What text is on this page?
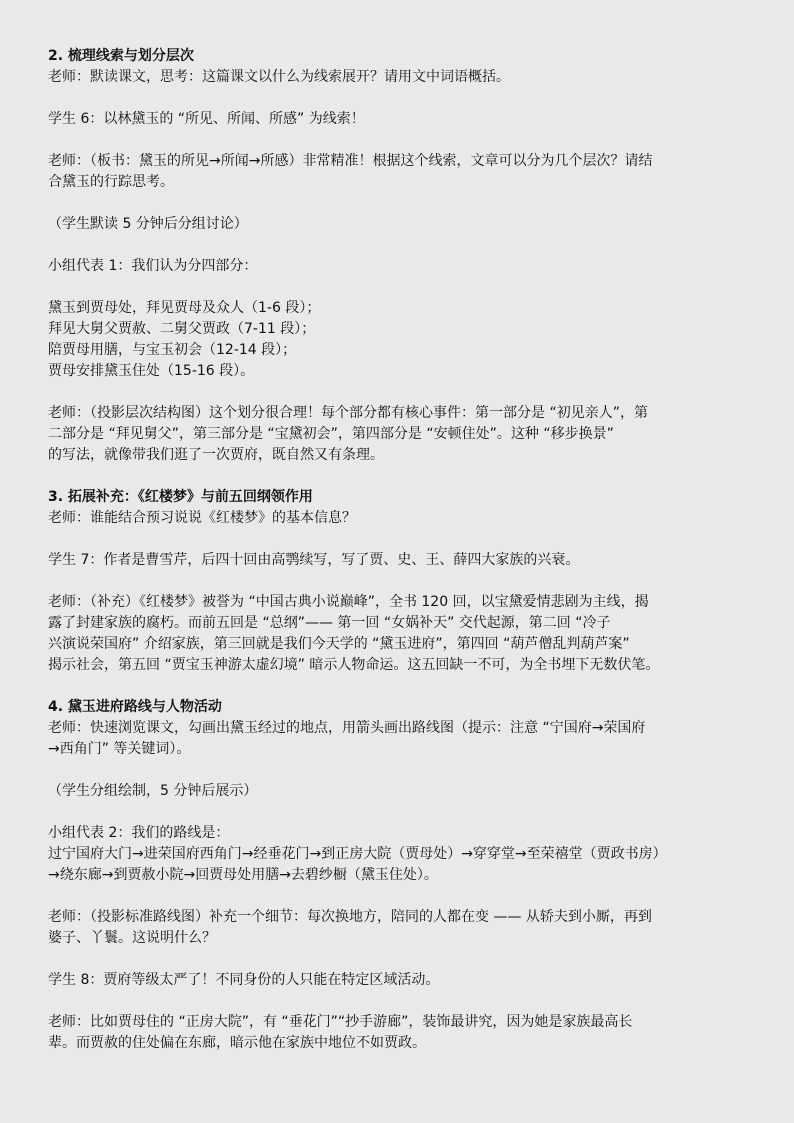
2. 梳理线索与划分层次

老师：默读课文，思考：这篇课文以什么为线索展开？请用文中词语概括。

学生 6：以林黛玉的 “所见、所闻、所感” 为线索！

老师：（板书：黛玉的所见→所闻→所感）非常精准！根据这个线索，文章可以分为几个层次？请结

合黛玉的行踪思考。

（学生默读 5 分钟后分组讨论）

小组代表 1：我们认为分四部分：

黛玉到贾母处，拜见贾母及众人（1-6 段）；

拜见大舅父贾赦、二舅父贾政（7-11 段）；

陪贾母用膳，与宝玉初会（12-14 段）；

贾母安排黛玉住处（15-16 段）。

老师：（投影层次结构图）这个划分很合理！每个部分都有核心事件：第一部分是 “初见亲人”，第

二部分是 “拜见舅父”，第三部分是 “宝黛初会”，第四部分是 “安顿住处”。这种 “移步换景”

的写法，就像带我们逛了一次贾府，既自然又有条理。

3. 拓展补充：《红楼梦》与前五回纲领作用

老师：谁能结合预习说说《红楼梦》的基本信息？

学生 7：作者是曹雪芹，后四十回由高鹗续写，写了贾、史、王、薛四大家族的兴衰。

老师：（补充）《红楼梦》被誉为 “中国古典小说巅峰”，全书 120 回，以宝黛爱情悲剧为主线，揭

露了封建家族的腐朽。而前五回是 “总纲”—— 第一回 “女娲补天” 交代起源，第二回 “冷子

兴演说荣国府” 介绍家族，第三回就是我们今天学的 “黛玉进府”，第四回 “葫芦僧乱判葫芦案”

揭示社会，第五回 “贾宝玉神游太虚幻境” 暗示人物命运。这五回缺一不可，为全书埋下无数伏笔。

4. 黛玉进府路线与人物活动

老师：快速浏览课文，勾画出黛玉经过的地点，用箭头画出路线图（提示：注意 “宁国府→荣国府

→西角门” 等关键词）。

（学生分组绘制，5 分钟后展示）

小组代表 2：我们的路线是：

过宁国府大门→进荣国府西角门→经垂花门→到正房大院（贾母处）→穿穿堂→至荣禧堂（贾政书房）

→绕东廊→到贾赦小院→回贾母处用膳→去碧纱橱（黛玉住处）。

老师：（投影标准路线图）补充一个细节：每次换地方，陪同的人都在变 —— 从轿夫到小厮，再到

婆子、丫鬟。这说明什么？

学生 8：贾府等级太严了！不同身份的人只能在特定区域活动。

老师：比如贾母住的 “正房大院”，有 “垂花门”“抄手游廊”，装饰最讲究，因为她是家族最高长

辈。而贾赦的住处偏在东廊，暗示他在家族中地位不如贾政。
